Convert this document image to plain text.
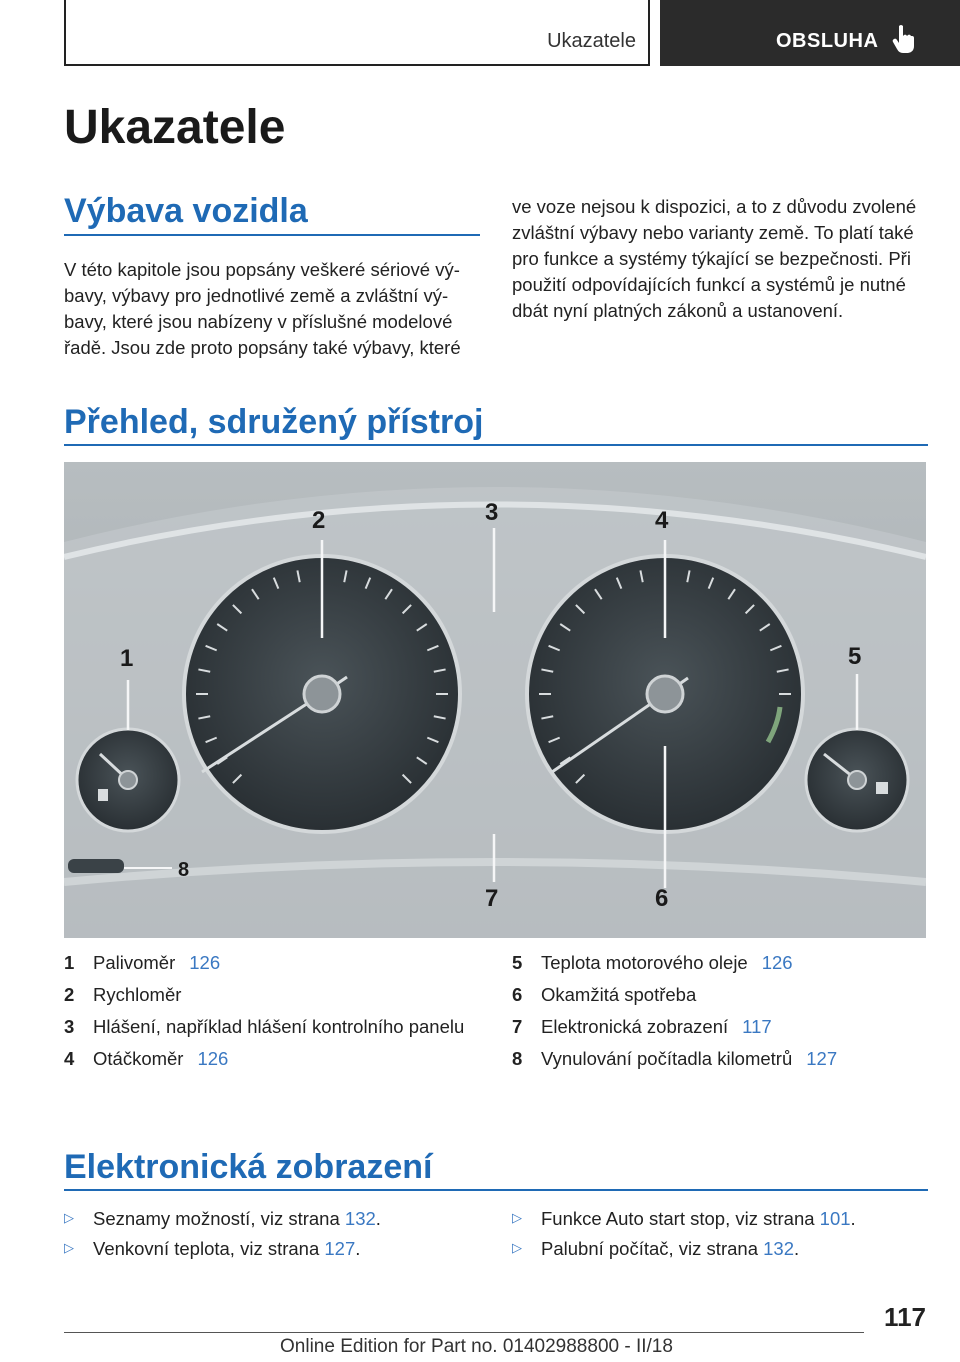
Ukazatele	OBSLUHA
Ukazatele
Výbava vozidla
V této kapitole jsou popsány veškeré sériové vý‐
bavy, výbavy pro jednotlivé země a zvláštní vý‐
bavy, které jsou nabízeny v příslušné modelové
řadě. Jsou zde proto popsány také výbavy, které
ve voze nejsou k dispozici, a to z důvodu zvolené
zvláštní výbavy nebo varianty země. To platí také
pro funkce a systémy týkající se bezpečnosti. Při
použití odpovídajících funkcí a systémů je nutné
dbát nyní platných zákonů a ustanovení.
Přehled, sdružený přístroj
1
2	3	4
5
6
7
8
1 Palivoměr 126
2 Rychloměr
3 Hlášení, například hlášení kontrolního panelu
4 Otáčkoměr 126
5 Teplota motorového oleje 126
6 Okamžitá spotřeba
7 Elektronická zobrazení 117
8 Vynulování počítadla kilometrů 127
Elektronická zobrazení
▷ Seznamy možností, viz strana 132.
▷ Venkovní teplota, viz strana 127.
▷ Funkce Auto start stop, viz strana 101.
▷ Palubní počítač, viz strana 132.
117
Online Edition for Part no. 01402988800 - II/18
